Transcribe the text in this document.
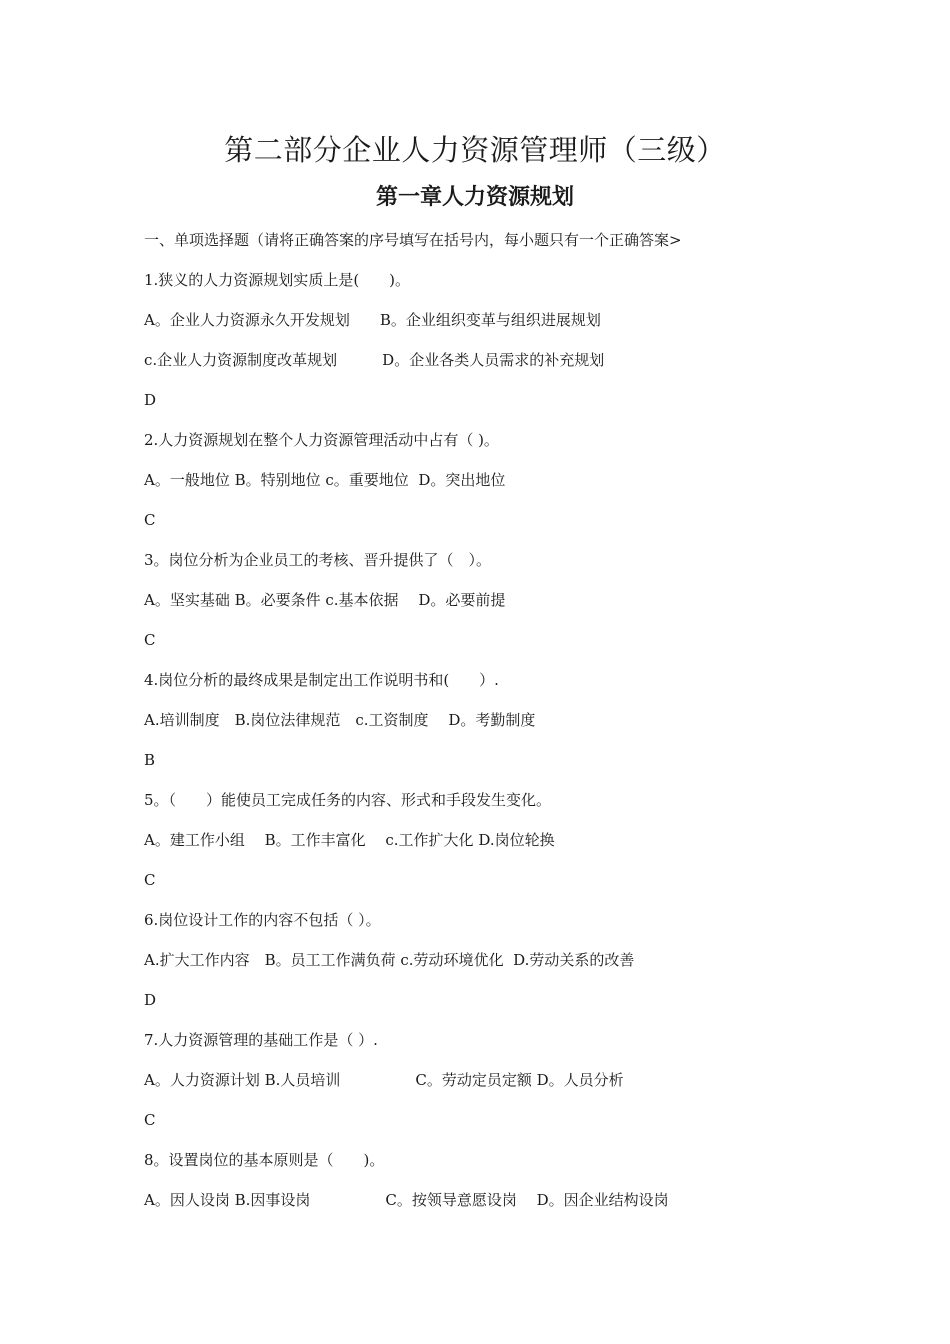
第二部分企业人力资源管理师（三级）
第一章人力资源规划
一、单项选择题（请将正确答案的序号填写在括号内，每小题只有一个正确答案>
1.狭义的人力资源规划实质上是(　　)。
A。企业人力资源永久开发规划　　B。企业组织变革与组织进展规划
c.企业人力资源制度改革规划　　　D。企业各类人员需求的补充规划
D
2.人力资源规划在整个人力资源管理活动中占有（ )。
A。一般地位 B。特别地位 c。重要地位  D。突出地位
C
3。岗位分析为企业员工的考核、晋升提供了（　）。
A。坚实基础 B。必要条件 c.基本依据　 D。必要前提
C
4.岗位分析的最终成果是制定出工作说明书和(　　）.
A.培训制度　B.岗位法律规范　c.工资制度　 D。考勤制度
B
5。（　　）能使员工完成任务的内容、形式和手段发生变化。
A。建工作小组　 B。工作丰富化　 c.工作扩大化 D.岗位轮换
C
6.岗位设计工作的内容不包括（ ）。
A.扩大工作内容　B。员工工作满负荷 c.劳动环境优化  D.劳动关系的改善
D
7.人力资源管理的基础工作是（ ）.
A。人力资源计划 B.人员培训　　　　　C。劳动定员定额 D。人员分析
C
8。设置岗位的基本原则是（　　)。
A。因人设岗 B.因事设岗　　　　　C。按领导意愿设岗　 D。因企业结构设岗
